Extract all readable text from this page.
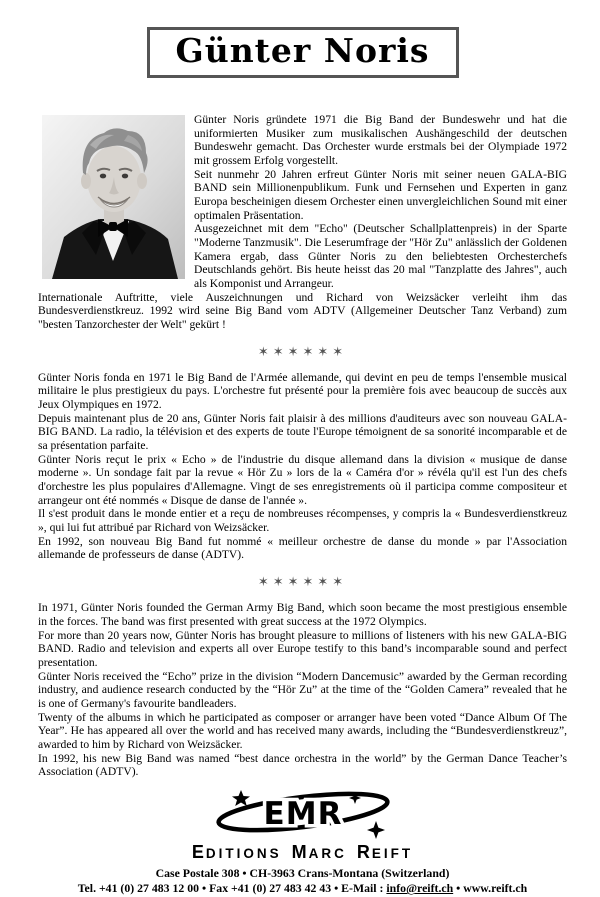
Günter Noris

Günter Noris gründete 1971 die Big Band der Bundeswehr und hat die uniformierten Musiker zum musikalischen Aushängeschild der deutschen Bundeswehr gemacht. Das Orchester wurde erstmals bei der Olympiade 1972 mit grossem Erfolg vorgestellt.

Seit nunmehr 20 Jahren erfreut Günter Noris mit seiner neuen GALA-BIG BAND sein Millionenpublikum. Funk und Fernsehen und Experten in ganz Europa bescheinigen diesem Orchester einen unvergleichlichen Sound mit einer optimalen Präsentation.

Ausgezeichnet mit dem "Echo" (Deutscher Schallplattenpreis) in der Sparte "Moderne Tanzmusik". Die Leserumfrage der "Hör Zu" anlässlich der Goldenen Kamera ergab, dass Günter Noris zu den beliebtesten Orchesterchefs Deutschlands gehört. Bis heute heisst das 20 mal "Tanzplatte des Jahres", auch als Komponist und Arrangeur.

Internationale Auftritte, viele Auszeichnungen und Richard von Weizsäcker verleiht ihm das Bundesverdienstkreuz. 1992 wird seine Big Band vom ADTV (Allgemeiner Deutscher Tanz Verband) zum "besten Tanzorchester der Welt" gekürt !

✶✶✶✶✶✶

Günter Noris fonda en 1971 le Big Band de l'Armée allemande, qui devint en peu de temps l'ensemble musical militaire le plus prestigieux du pays. L'orchestre fut présenté pour la première fois avec beaucoup de succès aux Jeux Olympiques en 1972.

Depuis maintenant plus de 20 ans, Günter Noris fait plaisir à des millions d'auditeurs avec son nouveau GALA-BIG BAND. La radio, la télévision et des experts de toute l'Europe témoignent de sa sonorité incomparable et de sa présentation parfaite.

Günter Noris reçut le prix « Echo » de l'industrie du disque allemand dans la division « musique de danse moderne ». Un sondage fait par la revue « Hör Zu » lors de la « Caméra d'or » révéla qu'il est l'un des chefs d'orchestre les plus populaires d'Allemagne. Vingt de ses enregistrements où il participa comme compositeur et arrangeur ont été nommés « Disque de danse de l'année ».

Il s'est produit dans le monde entier et a reçu de nombreuses récompenses, y compris la « Bundesverdienstkreuz », qui lui fut attribué par Richard von Weizsäcker.

En 1992, son nouveau Big Band fut nommé « meilleur orchestre de danse du monde » par l'Association allemande de professeurs de danse (ADTV).

✶✶✶✶✶✶

In 1971, Günter Noris founded the German Army Big Band, which soon became the most prestigious ensemble in the forces. The band was first presented with great success at the 1972 Olympics.

For more than 20 years now, Günter Noris has brought pleasure to millions of listeners with his new GALA-BIG BAND. Radio and television and experts all over Europe testify to this band’s incomparable sound and perfect presentation.

Günter Noris received the “Echo” prize in the division “Modern Dancemusic” awarded by the German recording industry, and audience research conducted by the “Hör Zu” at the time of the “Golden Camera” revealed that he is one of Germany's favourite bandleaders.

Twenty of the albums in which he participated as composer or arranger have been voted “Dance Album Of The Year”. He has appeared all over the world and has received many awards, including the “Bundesverdienstkreuz”, awarded to him by Richard von Weizsäcker.

In 1992, his new Big Band was named “best dance orchestra in the world” by the German Dance Teacher’s Association (ADTV).

EMR
EDITIONS MARC REIFT
Case Postale 308 • CH-3963 Crans-Montana (Switzerland)
Tel. +41 (0) 27 483 12 00 • Fax +41 (0) 27 483 42 43 • E-Mail : info@reift.ch • www.reift.ch
